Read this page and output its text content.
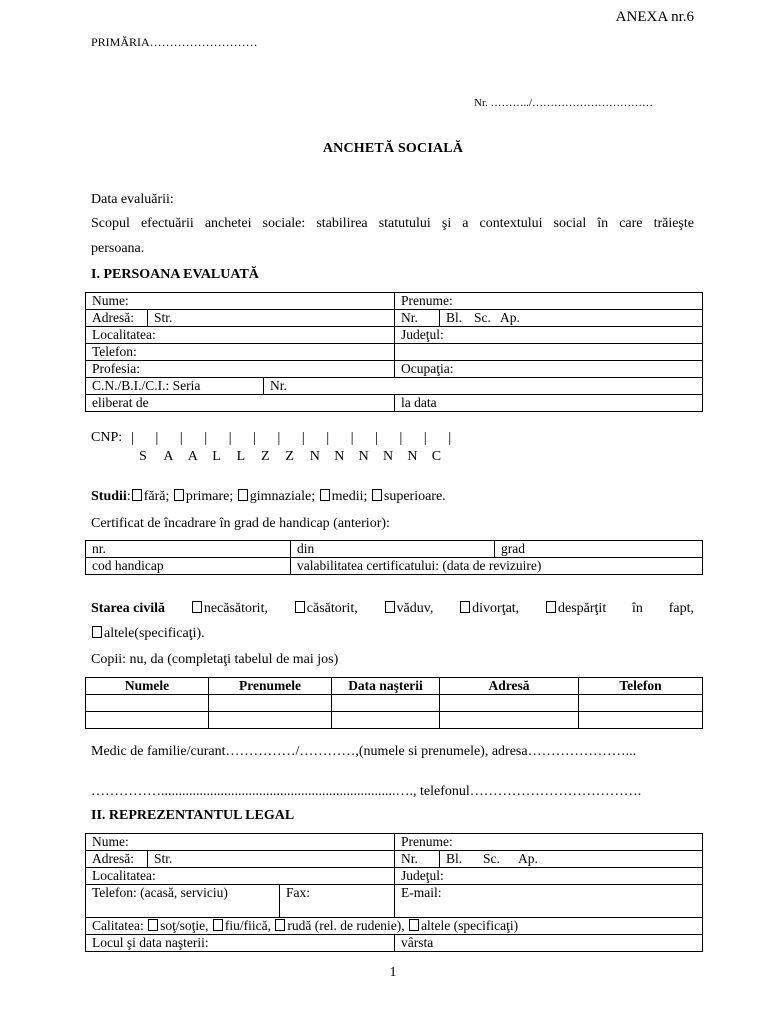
ANEXA nr.6
PRIMĂRIA………………………
Nr. ………../……………………………
ANCHETĂ SOCIALĂ
Data evaluării:
Scopul efectuării anchetei sociale: stabilirea statutului şi a contextului social în care trăieşte
persoana.
I. PERSOANA EVALUATĂ
Nume:			Prenume:
Adresă:	Str.		Nr. Bl. Sc. Ap.
Localitatea:			Judeţul:
Telefon:			
Profesia:			Ocupaţia:
C.N./B.I./C.I.: Seria		Nr.	
eliberat de			la data
CNP: | | | | | | | | | | | | | |
S A A L L Z Z N N N N N C
Studii: fără; primare; gimnaziale; medii; superioare.
Certificat de încadrare în grad de handicap (anterior):
nr.	din	grad
cod handicap	valabilitatea certificatului: (data de revizuire)	
Starea civilă	necăsătorit,	căsătorit,	văduv,	divorţat,	despărţit în fapt,
altele(specificaţi).
Copii: nu, da (completaţi tabelul de mai jos)
Numele	Prenumele	Data naşterii	Adresă	Telefon

Medic de familie/curant……………/…………,(numele si prenumele), adresa…………………...
……………...................................................................…., telefonul……………………………….
II. REPREZENTANTUL LEGAL
Nume:			Prenume:
Adresă:	Str.		Nr. Bl. Sc. Ap.
Localitatea:			Judeţul:
Telefon: (acasă, serviciu)		Fax:	E-mail:
Calitatea: soţ/soţie, fiu/fiică, rudă (rel. de rudenie), altele (specificaţi)			
Locul şi data naşterii:			vârsta
1
